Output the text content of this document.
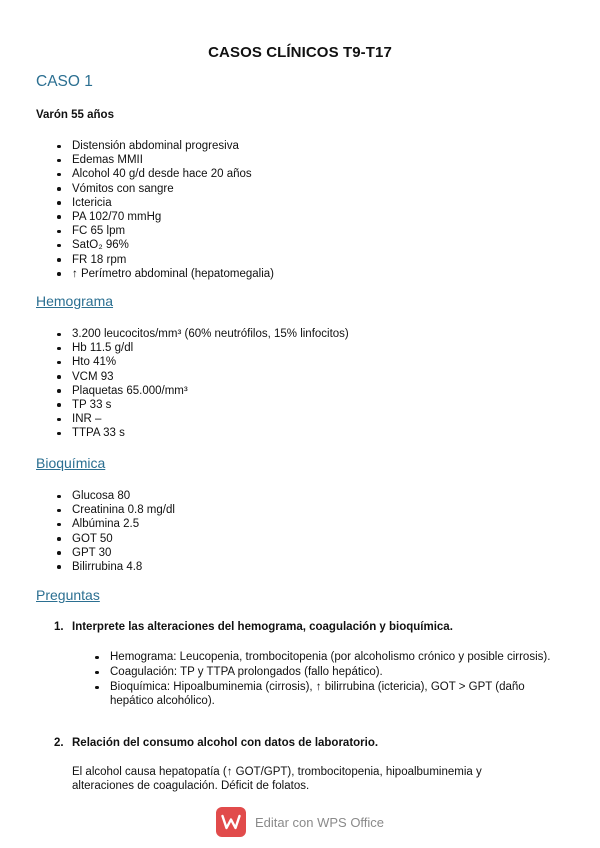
CASOS CLÍNICOS T9-T17
CASO 1
Varón 55 años
Distensión abdominal progresiva
Edemas MMII
Alcohol 40 g/d desde hace 20 años
Vómitos con sangre
Ictericia
PA 102/70 mmHg
FC 65 lpm
SatO₂ 96%
FR 18 rpm
↑ Perímetro abdominal (hepatomegalia)
Hemograma
3.200 leucocitos/mm³ (60% neutrófilos, 15% linfocitos)
Hb 11.5 g/dl
Hto 41%
VCM 93
Plaquetas 65.000/mm³
TP 33 s
INR –
TTPA 33 s
Bioquímica
Glucosa 80
Creatinina 0.8 mg/dl
Albúmina 2.5
GOT 50
GPT 30
Bilirrubina 4.8
Preguntas
1. Interprete las alteraciones del hemograma, coagulación y bioquímica.
Hemograma: Leucopenia, trombocitopenia (por alcoholismo crónico y posible cirrosis).
Coagulación: TP y TTPA prolongados (fallo hepático).
Bioquímica: Hipoalbuminemia (cirrosis), ↑ bilirrubina (ictericia), GOT > GPT (daño hepático alcohólico).
2. Relación del consumo alcohol con datos de laboratorio.
El alcohol causa hepatopatía (↑ GOT/GPT), trombocitopenia, hipoalbuminemia y alteraciones de coagulación. Déficit de folatos.
Editar con WPS Office
